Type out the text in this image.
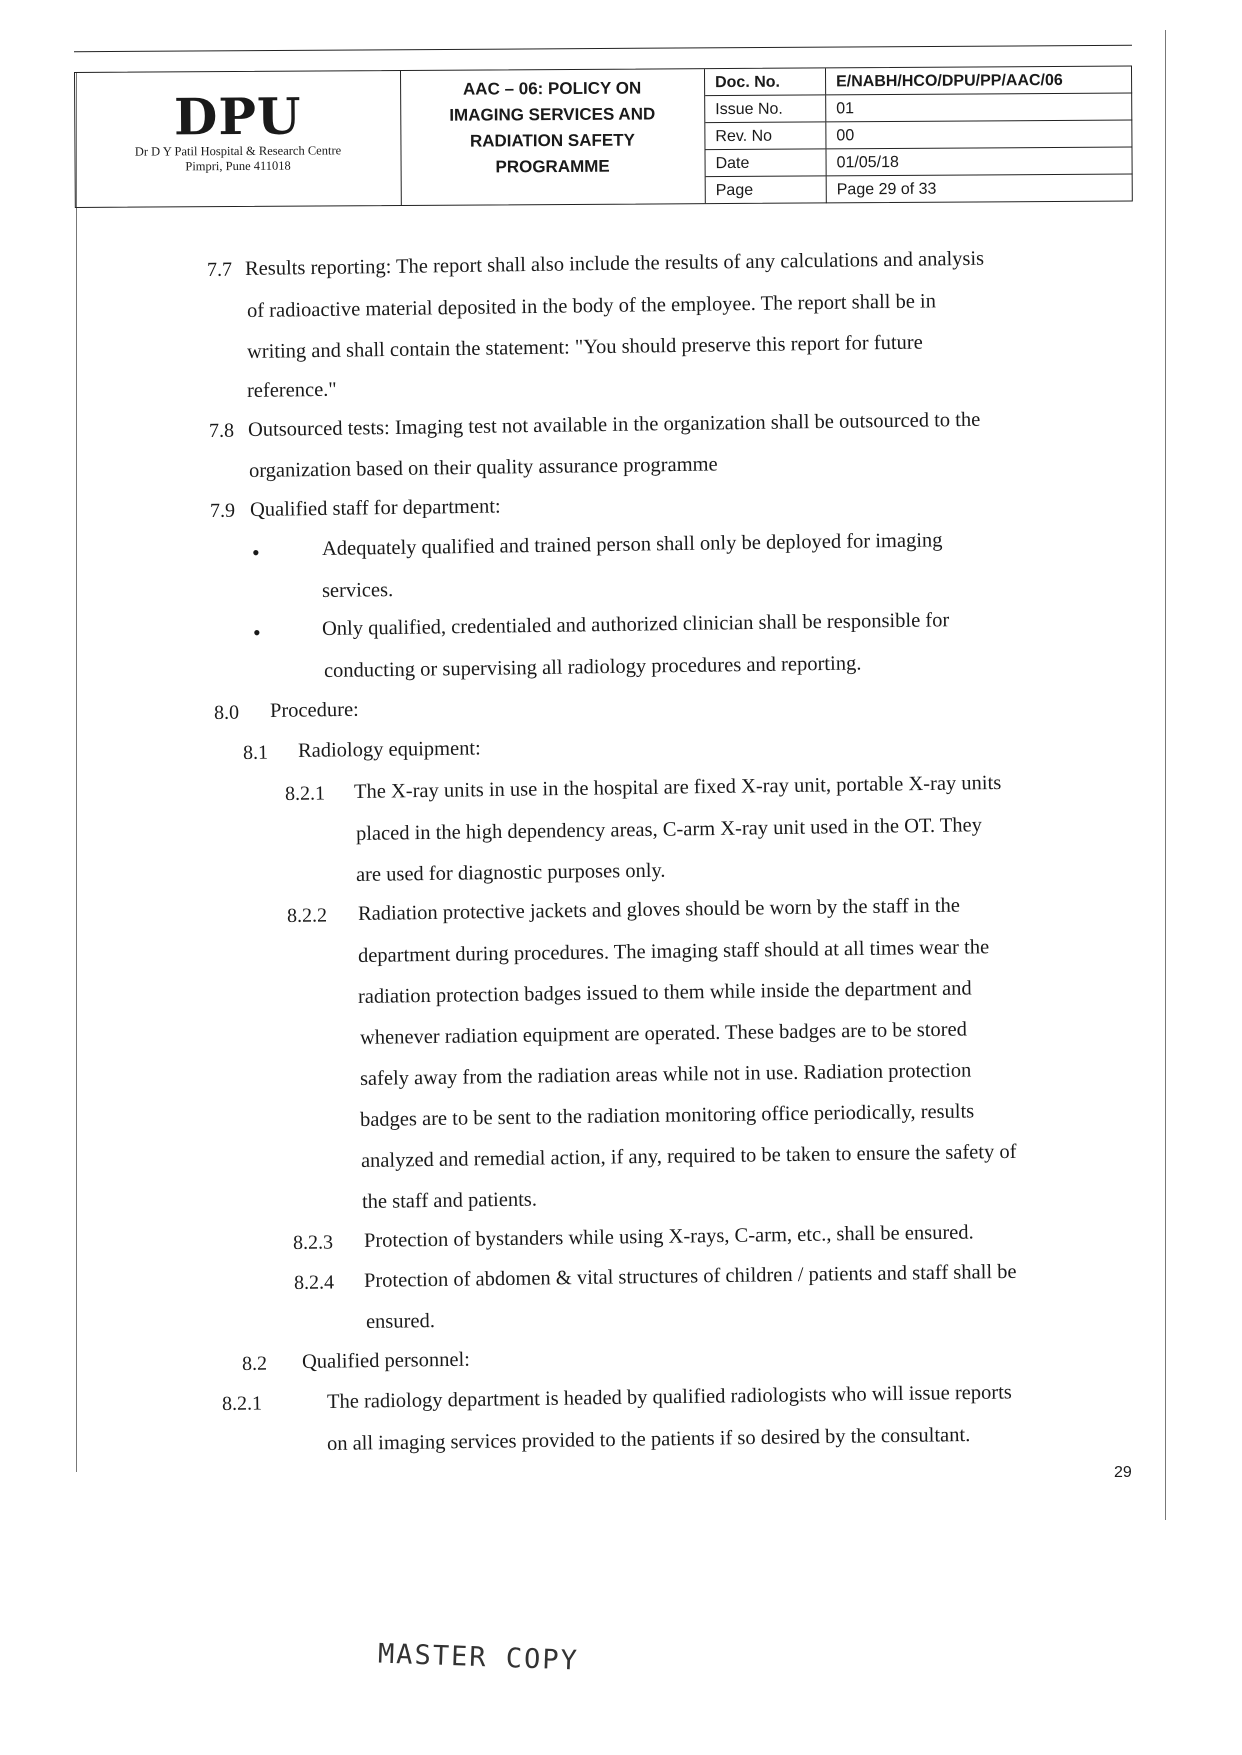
DPU
Dr D Y Patil Hospital & Research Centre
Pimpri, Pune 411018
AAC – 06: POLICY ON
IMAGING SERVICES AND
RADIATION SAFETY
PROGRAMME
Doc. No.	E/NABH/HCO/DPU/PP/AAC/06
Issue No.	01
Rev. No	00
Date	01/05/18
Page	Page 29 of 33
7.7 Results reporting: The report shall also include the results of any calculations and analysis
of radioactive material deposited in the body of the employee. The report shall be in
writing and shall contain the statement: "You should preserve this report for future
reference."
7.8 Outsourced tests: Imaging test not available in the organization shall be outsourced to the
organization based on their quality assurance programme
7.9 Qualified staff for department:
•	Adequately qualified and trained person shall only be deployed for imaging
services.
•	Only qualified, credentialed and authorized clinician shall be responsible for
conducting or supervising all radiology procedures and reporting.
8.0 Procedure:
8.1 Radiology equipment:
8.2.1 The X-ray units in use in the hospital are fixed X-ray unit, portable X-ray units
placed in the high dependency areas, C-arm X-ray unit used in the OT. They
are used for diagnostic purposes only.
8.2.2 Radiation protective jackets and gloves should be worn by the staff in the
department during procedures. The imaging staff should at all times wear the
radiation protection badges issued to them while inside the department and
whenever radiation equipment are operated. These badges are to be stored
safely away from the radiation areas while not in use. Radiation protection
badges are to be sent to the radiation monitoring office periodically, results
analyzed and remedial action, if any, required to be taken to ensure the safety of
the staff and patients.
8.2.3 Protection of bystanders while using X-rays, C-arm, etc., shall be ensured.
8.2.4 Protection of abdomen & vital structures of children / patients and staff shall be
ensured.
8.2 Qualified personnel:
8.2.1	The radiology department is headed by qualified radiologists who will issue reports
on all imaging services provided to the patients if so desired by the consultant.
29
MASTER COPY
